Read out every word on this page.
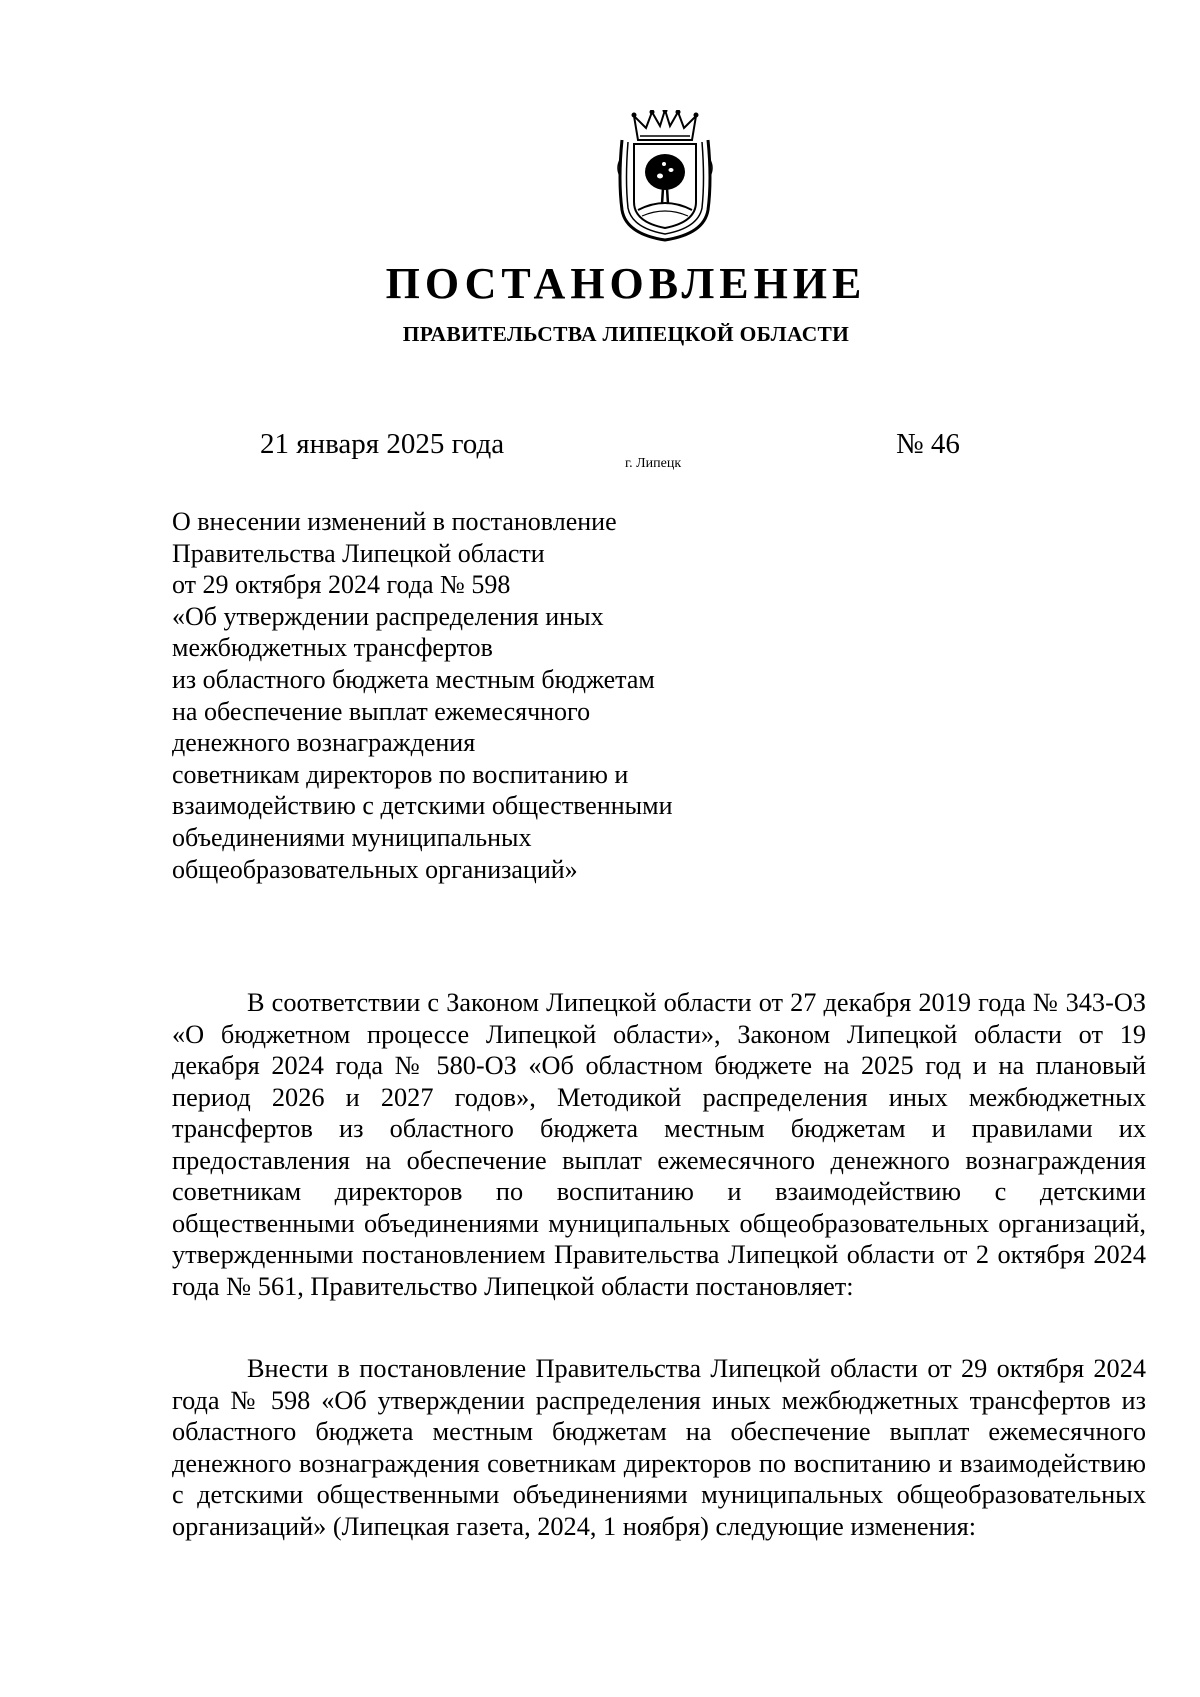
ПОСТАНОВЛЕНИЕ
ПРАВИТЕЛЬСТВА ЛИПЕЦКОЙ ОБЛАСТИ
21 января 2025 года
г. Липецк
№ 46
О внесении изменений в постановление
Правительства Липецкой области
от 29 октября 2024 года № 598
«Об утверждении распределения иных
межбюджетных трансфертов
из областного бюджета местным бюджетам
на обеспечение выплат ежемесячного
денежного вознаграждения
советникам директоров по воспитанию и
взаимодействию с детскими общественными
объединениями муниципальных
общеобразовательных организаций»

В соответствии с Законом Липецкой области от 27 декабря 2019 года № 343-ОЗ «О бюджетном процессе Липецкой области», Законом Липецкой области от 19 декабря 2024 года № 580-ОЗ «Об областном бюджете на 2025 год и на плановый период 2026 и 2027 годов», Методикой распределения иных межбюджетных трансфертов из областного бюджета местным бюджетам и правилами их предоставления на обеспечение выплат ежемесячного денежного вознаграждения советникам директоров по воспитанию и взаимодействию с детскими общественными объединениями муниципальных общеобразовательных организаций, утвержденными постановлением Правительства Липецкой области от 2 октября 2024 года № 561, Правительство Липецкой области постановляет:

Внести в постановление Правительства Липецкой области от 29 октября 2024 года № 598 «Об утверждении распределения иных межбюджетных трансфертов из областного бюджета местным бюджетам на обеспечение выплат ежемесячного денежного вознаграждения советникам директоров по воспитанию и взаимодействию с детскими общественными объединениями муниципальных общеобразовательных организаций» (Липецкая газета, 2024, 1 ноября) следующие изменения:
